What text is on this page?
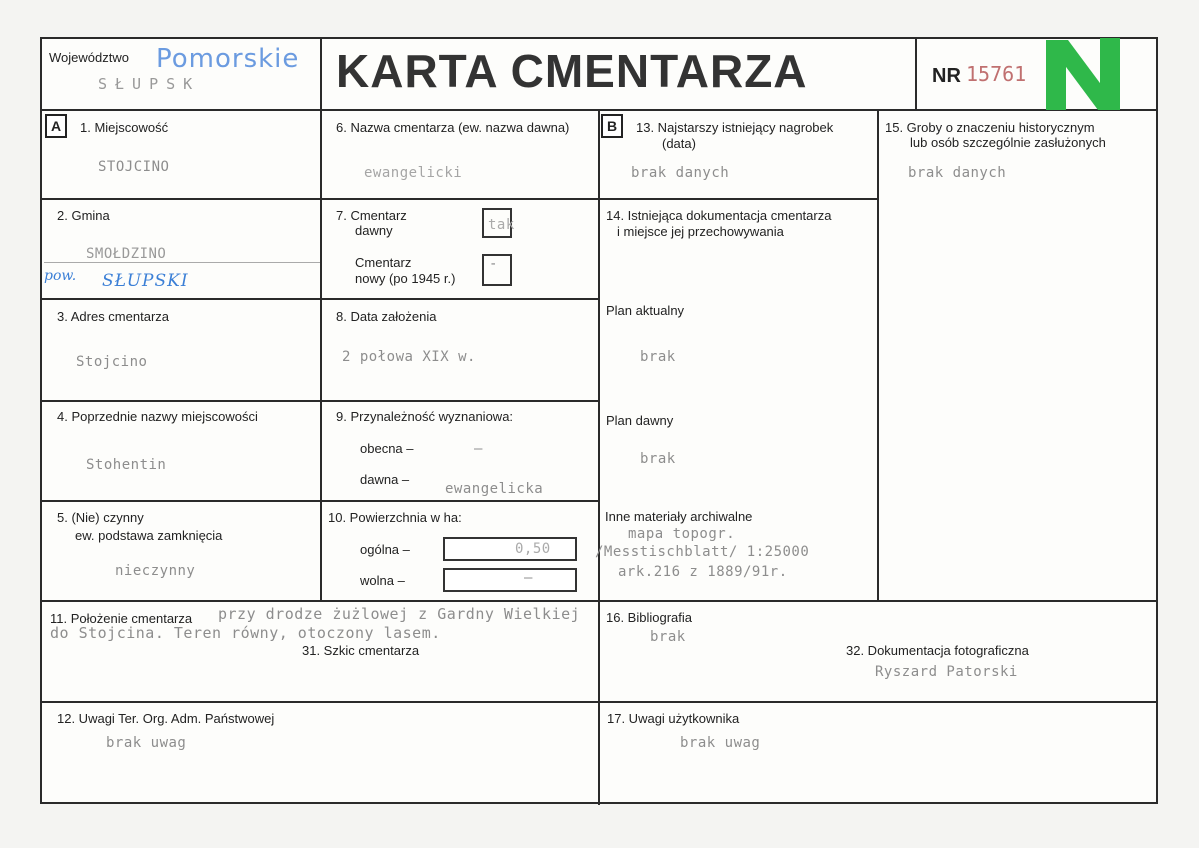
Województwo Pomorskie
SŁUPSK	KARTA CMENTARZA	NR 15761
A	B
1. Miejscowość
STOJCINO
6. Nazwa cmentarza (ew. nazwa dawna)
ewangelicki
13. Najstarszy istniejący nagrobek
(data)
brak danych
15. Groby o znaczeniu historycznym
lub osób szczególnie zasłużonych
brak danych
2. Gmina
SMOŁDZINO
pow. SŁUPSKI
7. Cmentarz
dawny	tak
Cmentarz
nowy (po 1945 r.)
-
14. Istniejąca dokumentacja cmentarza
i miejsce jej przechowywania
Plan aktualny
brak
Plan dawny
brak
Inne materiały archiwalne
mapa topogr.
/Messtischblatt/ 1:25000
ark.216 z 1889/91r.
3. Adres cmentarza
Stojcino
8. Data założenia
2 połowa XIX w.
4. Poprzednie nazwy miejscowości
Stohentin
9. Przynależność wyznaniowa:
obecna –	–
dawna –
ewangelicka
5. (Nie) czynny
ew. podstawa zamknięcia
nieczynny
10. Powierzchnia w ha:
ogólna –	0,50
wolna –	–
11. Położenie cmentarza przy drodze żużlowej z Gardny Wielkiej
do Stojcina. Teren równy, otoczony lasem.
31. Szkic cmentarza
16. Bibliografia
brak
32. Dokumentacja fotograficzna
Ryszard Patorski
12. Uwagi Ter. Org. Adm. Państwowej
brak uwag
17. Uwagi użytkownika
brak uwag
